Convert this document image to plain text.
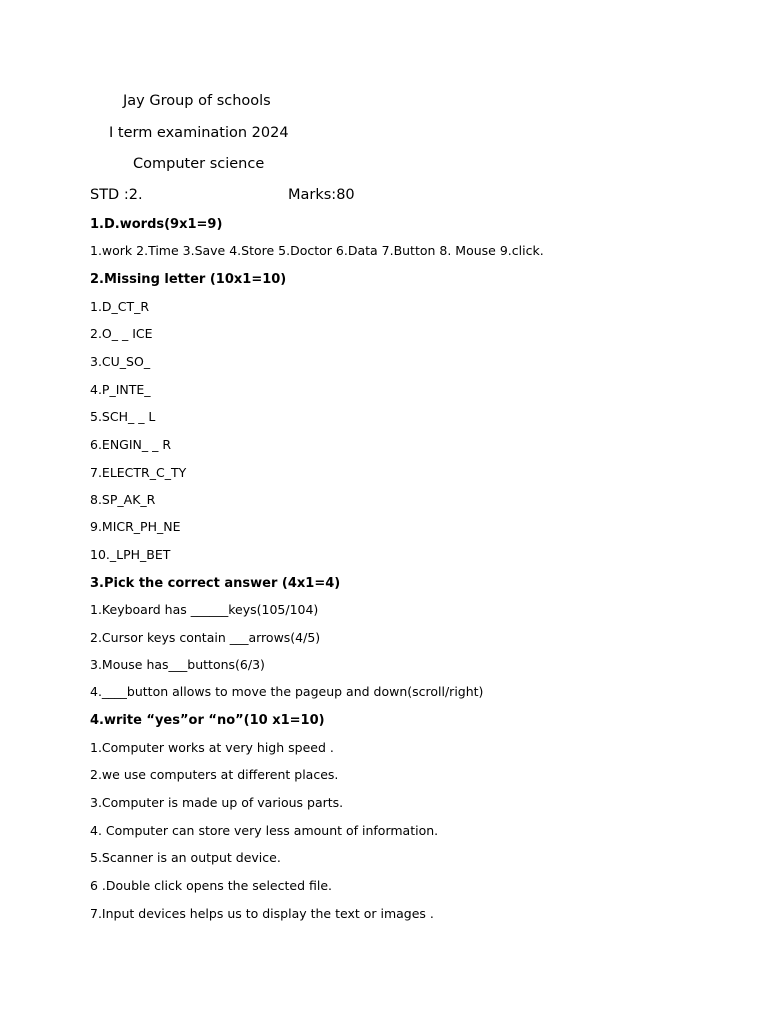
Jay Group of schools
I term examination 2024
Computer science
STD :2.	Marks:80
1.D.words(9x1=9)
1.work 2.Time 3.Save 4.Store 5.Doctor 6.Data 7.Button 8. Mouse 9.click.
2.Missing letter (10x1=10)
1.D_CT_R
2.O_ _ ICE
3.CU_SO_
4.P_INTE_
5.SCH_ _ L
6.ENGIN_ _ R
7.ELECTR_C_TY
8.SP_AK_R
9.MICR_PH_NE
10._LPH_BET
3.Pick the correct answer (4x1=4)
1.Keyboard has ______keys(105/104)
2.Cursor keys contain ___arrows(4/5)
3.Mouse has___buttons(6/3)
4.____button allows to move the pageup and down(scroll/right)
4.write “yes”or “no”(10 x1=10)
1.Computer works at very high speed .
2.we use computers at different places.
3.Computer is made up of various parts.
4. Computer can store very less amount of information.
5.Scanner is an output device.
6 .Double click opens the selected file.
7.Input devices helps us to display the text or images .
